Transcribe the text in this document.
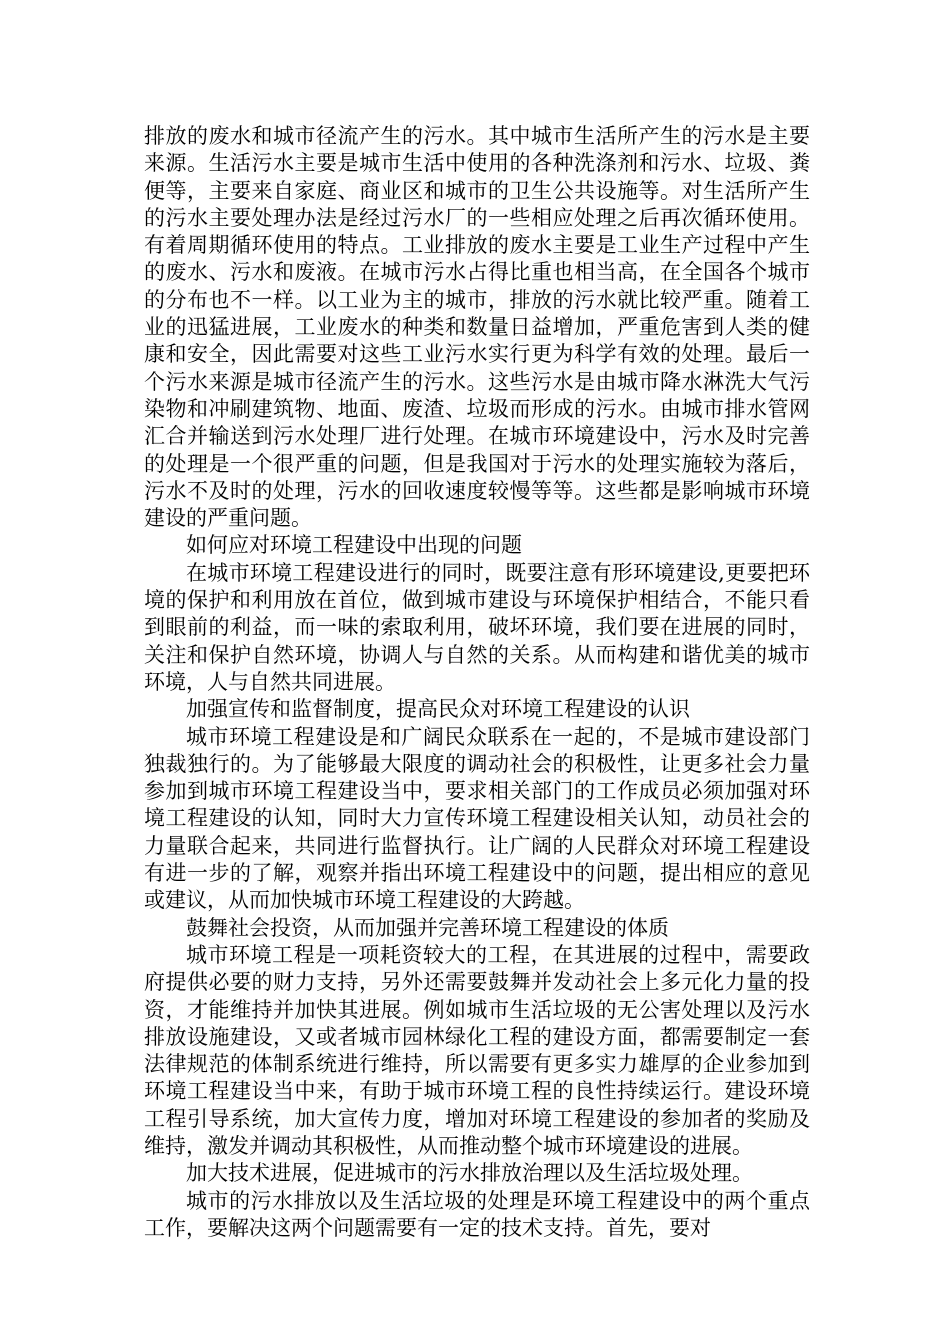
排放的废水和城市径流产生的污水。其中城市生活所产生的污水是主要来源。生活污水主要是城市生活中使用的各种洗涤剂和污水、垃圾、粪便等，主要来自家庭、商业区和城市的卫生公共设施等。对生活所产生的污水主要处理办法是经过污水厂的一些相应处理之后再次循环使用。有着周期循环使用的特点。工业排放的废水主要是工业生产过程中产生的废水、污水和废液。在城市污水占得比重也相当高，在全国各个城市的分布也不一样。以工业为主的城市，排放的污水就比较严重。随着工业的迅猛进展，工业废水的种类和数量日益增加，严重危害到人类的健康和安全，因此需要对这些工业污水实行更为科学有效的处理。最后一个污水来源是城市径流产生的污水。这些污水是由城市降水淋洗大气污染物和冲刷建筑物、地面、废渣、垃圾而形成的污水。由城市排水管网汇合并输送到污水处理厂进行处理。在城市环境建设中，污水及时完善的处理是一个很严重的问题，但是我国对于污水的处理实施较为落后，污水不及时的处理，污水的回收速度较慢等等。这些都是影响城市环境建设的严重问题。

如何应对环境工程建设中出现的问题

在城市环境工程建设进行的同时，既要注意有形环境建设,更要把环境的保护和利用放在首位，做到城市建设与环境保护相结合，不能只看到眼前的利益，而一味的索取利用，破坏环境，我们要在进展的同时，关注和保护自然环境，协调人与自然的关系。从而构建和谐优美的城市环境，人与自然共同进展。

加强宣传和监督制度，提高民众对环境工程建设的认识

城市环境工程建设是和广阔民众联系在一起的，不是城市建设部门独裁独行的。为了能够最大限度的调动社会的积极性，让更多社会力量参加到城市环境工程建设当中，要求相关部门的工作成员必须加强对环境工程建设的认知，同时大力宣传环境工程建设相关认知，动员社会的力量联合起来，共同进行监督执行。让广阔的人民群众对环境工程建设有进一步的了解，观察并指出环境工程建设中的问题，提出相应的意见或建议，从而加快城市环境工程建设的大跨越。

鼓舞社会投资，从而加强并完善环境工程建设的体质

城市环境工程是一项耗资较大的工程，在其进展的过程中，需要政府提供必要的财力支持，另外还需要鼓舞并发动社会上多元化力量的投资，才能维持并加快其进展。例如城市生活垃圾的无公害处理以及污水排放设施建设，又或者城市园林绿化工程的建设方面，都需要制定一套法律规范的体制系统进行维持，所以需要有更多实力雄厚的企业参加到环境工程建设当中来，有助于城市环境工程的良性持续运行。建设环境工程引导系统，加大宣传力度，增加对环境工程建设的参加者的奖励及维持，激发并调动其积极性，从而推动整个城市环境建设的进展。

加大技术进展，促进城市的污水排放治理以及生活垃圾处理。

城市的污水排放以及生活垃圾的处理是环境工程建设中的两个重点工作，要解决这两个问题需要有一定的技术支持。首先，要对
